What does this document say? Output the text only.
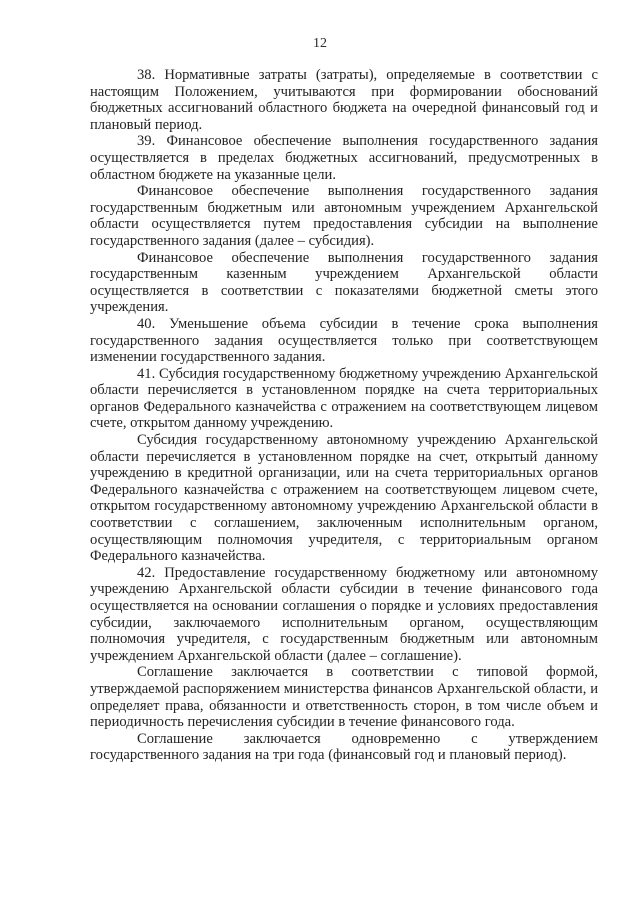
12

38. Нормативные затраты (затраты), определяемые в соответствии с настоящим Положением, учитываются при формировании обоснований бюджетных ассигнований областного бюджета на очередной финансовый год и плановый период.

39. Финансовое обеспечение выполнения государственного задания осуществляется в пределах бюджетных ассигнований, предусмотренных в областном бюджете на указанные цели.

Финансовое обеспечение выполнения государственного задания государственным бюджетным или автономным учреждением Архангельской области осуществляется путем предоставления субсидии на выполнение государственного задания (далее – субсидия).

Финансовое обеспечение выполнения государственного задания государственным казенным учреждением Архангельской области осуществляется в соответствии с показателями бюджетной сметы этого учреждения.

40. Уменьшение объема субсидии в течение срока выполнения государственного задания осуществляется только при соответствующем изменении государственного задания.

41. Субсидия государственному бюджетному учреждению Архангельской области перечисляется в установленном порядке на счета территориальных органов Федерального казначейства с отражением на соответствующем лицевом счете, открытом данному учреждению.

Субсидия государственному автономному учреждению Архангельской области перечисляется в установленном порядке на счет, открытый данному учреждению в кредитной организации, или на счета территориальных органов Федерального казначейства с отражением на соответствующем лицевом счете, открытом государственному автономному учреждению Архангельской области в соответствии с соглашением, заключенным исполнительным органом, осуществляющим полномочия учредителя, с территориальным органом Федерального казначейства.

42. Предоставление государственному бюджетному или автономному учреждению Архангельской области субсидии в течение финансового года осуществляется на основании соглашения о порядке и условиях предоставления субсидии, заключаемого исполнительным органом, осуществляющим полномочия учредителя, с государственным бюджетным или автономным учреждением Архангельской области (далее – соглашение).

Соглашение заключается в соответствии с типовой формой, утверждаемой распоряжением министерства финансов Архангельской области, и определяет права, обязанности и ответственность сторон, в том числе объем и периодичность перечисления субсидии в течение финансового года.

Соглашение заключается одновременно с утверждением государственного задания на три года (финансовый год и плановый период).
